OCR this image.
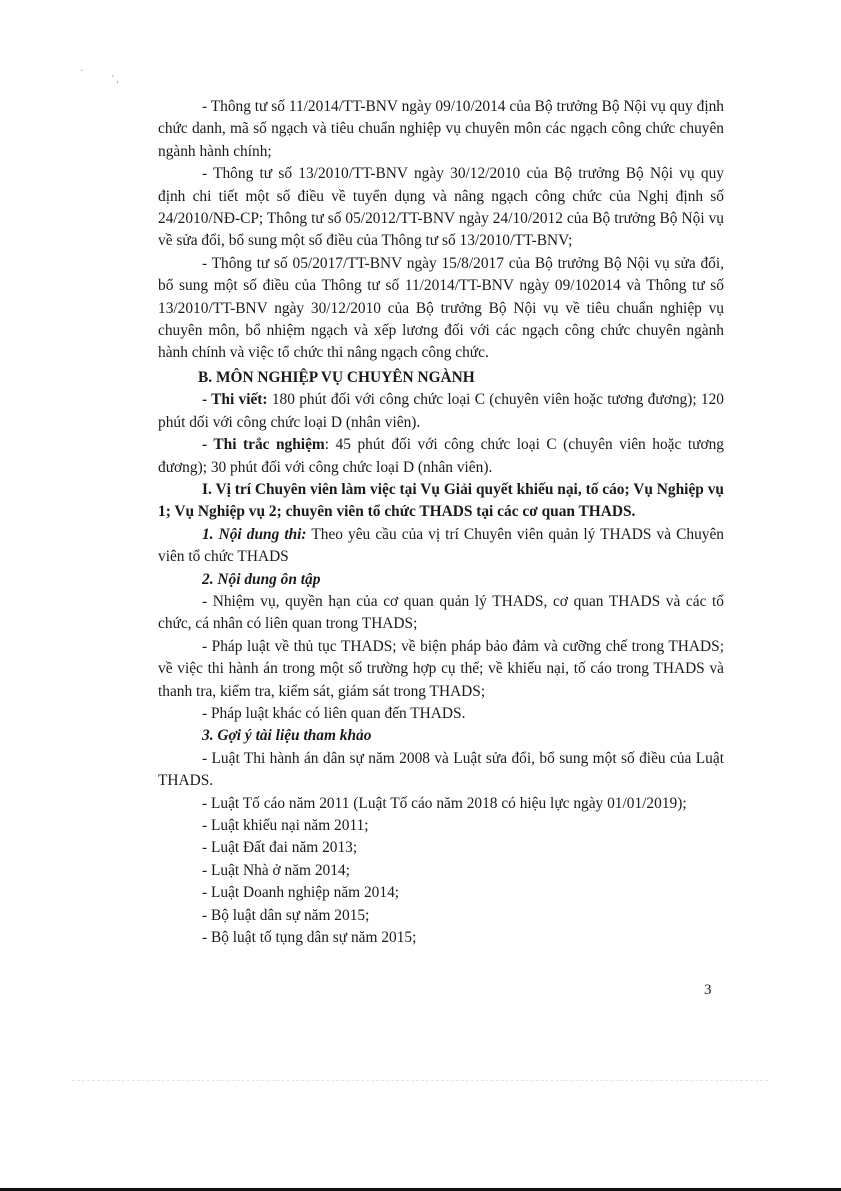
·
' ,

- Thông tư số 11/2014/TT-BNV ngày 09/10/2014 của Bộ trưởng Bộ Nội vụ quy định chức danh, mã số ngạch và tiêu chuẩn nghiệp vụ chuyên môn các ngạch công chức chuyên ngành hành chính;

- Thông tư số 13/2010/TT-BNV ngày 30/12/2010 của Bộ trưởng Bộ Nội vụ quy định chi tiết một số điều về tuyển dụng và nâng ngạch công chức của Nghị định số 24/2010/NĐ-CP; Thông tư số 05/2012/TT-BNV ngày 24/10/2012 của Bộ trưởng Bộ Nội vụ về sửa đổi, bổ sung một số điều của Thông tư số 13/2010/TT-BNV;

- Thông tư số 05/2017/TT-BNV ngày 15/8/2017 của Bộ trưởng Bộ Nội vụ sửa đổi, bổ sung một số điều của Thông tư số 11/2014/TT-BNV ngày 09/102014 và Thông tư số 13/2010/TT-BNV ngày 30/12/2010 của Bộ trưởng Bộ Nội vụ về tiêu chuẩn nghiệp vụ chuyên môn, bổ nhiệm ngạch và xếp lương đối với các ngạch công chức chuyên ngành hành chính và việc tổ chức thi nâng ngạch công chức.

B. MÔN NGHIỆP VỤ CHUYÊN NGÀNH

- Thi viết: 180 phút đối với công chức loại C (chuyên viên hoặc tương đương); 120 phút dối với công chức loại D (nhân viên).

- Thi trắc nghiệm: 45 phút đối với công chức loại C (chuyên viên hoặc tương đương); 30 phút đối với công chức loại D (nhân viên).

I. Vị trí Chuyên viên làm việc tại Vụ Giải quyết khiếu nại, tố cáo; Vụ Nghiệp vụ 1; Vụ Nghiệp vụ 2; chuyên viên tổ chức THADS tại các cơ quan THADS.

1. Nội dung thi: Theo yêu cầu của vị trí Chuyên viên quản lý THADS và Chuyên viên tổ chức THADS

2. Nội dung ôn tập

- Nhiệm vụ, quyền hạn của cơ quan quản lý THADS, cơ quan THADS và các tổ chức, cá nhân có liên quan trong THADS;

- Pháp luật về thủ tục THADS; về biện pháp bảo đảm và cưỡng chế trong THADS; về việc thi hành án trong một số trường hợp cụ thể; về khiếu nại, tố cáo trong THADS và thanh tra, kiểm tra, kiểm sát, giám sát trong THADS;

- Pháp luật khác có liên quan đến THADS.

3. Gợi ý tài liệu tham khảo

- Luật Thi hành án dân sự năm 2008 và Luật sửa đổi, bổ sung một số điều của Luật THADS.

- Luật Tố cáo năm 2011 (Luật Tố cáo năm 2018 có hiệu lực ngày 01/01/2019);

- Luật khiếu nại năm 2011;

- Luật Đất đai năm 2013;

- Luật Nhà ở năm 2014;

- Luật Doanh nghiệp năm 2014;

- Bộ luật dân sự năm 2015;

- Bộ luật tố tụng dân sự năm 2015;

3
